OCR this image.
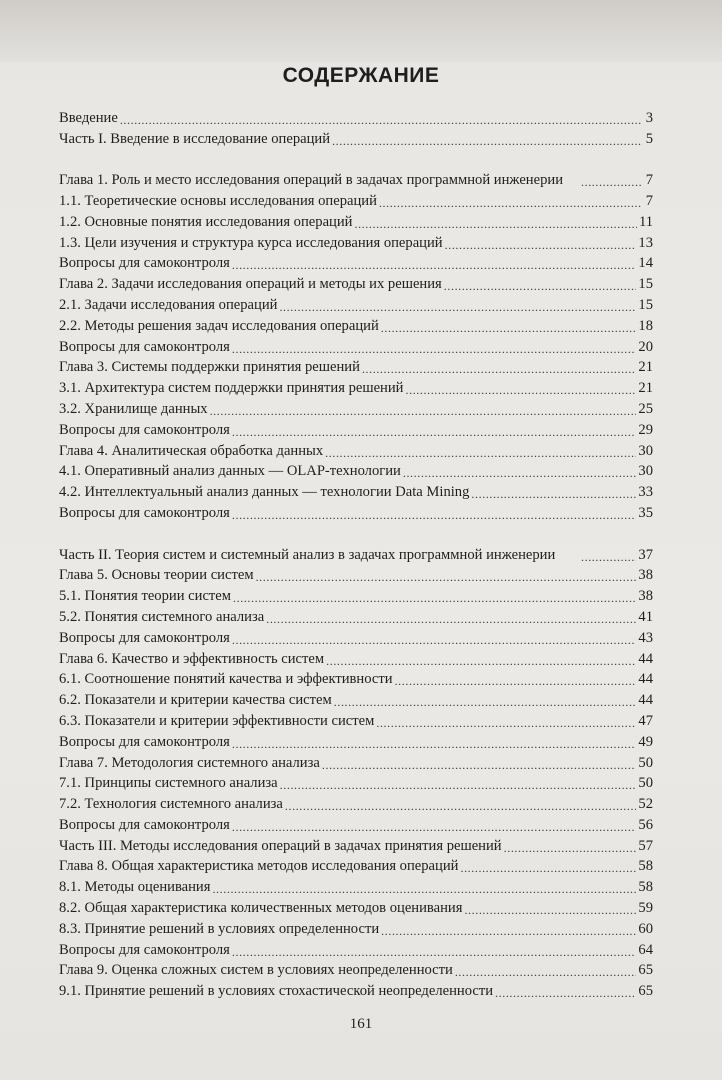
СОДЕРЖАНИЕ
Введение .....	3
Часть I. Введение в исследование операций .....	5
Глава 1. Роль и место исследования операций в задачах программной инженерии .....	7
1.1. Теоретические основы исследования операций .....	7
1.2. Основные понятия исследования операций .....	11
1.3. Цели изучения и структура курса исследования операций .....	13
Вопросы для самоконтроля .....	14
Глава 2. Задачи исследования операций и методы их решения .....	15
2.1. Задачи исследования операций .....	15
2.2. Методы решения задач исследования операций .....	18
Вопросы для самоконтроля .....	20
Глава 3. Системы поддержки принятия решений .....	21
3.1. Архитектура систем поддержки принятия решений .....	21
3.2. Хранилище данных .....	25
Вопросы для самоконтроля .....	29
Глава 4. Аналитическая обработка данных .....	30
4.1. Оперативный анализ данных — OLAP-технологии .....	30
4.2. Интеллектуальный анализ данных — технологии Data Mining .....	33
Вопросы для самоконтроля .....	35
Часть II. Теория систем и системный анализ в задачах программной инженерии .....	37
Глава 5. Основы теории систем .....	38
5.1. Понятия теории систем .....	38
5.2. Понятия системного анализа .....	41
Вопросы для самоконтроля .....	43
Глава 6. Качество и эффективность систем .....	44
6.1. Соотношение понятий качества и эффективности .....	44
6.2. Показатели и критерии качества систем .....	44
6.3. Показатели и критерии эффективности систем .....	47
Вопросы для самоконтроля .....	49
Глава 7. Методология системного анализа .....	50
7.1. Принципы системного анализа .....	50
7.2. Технология системного анализа .....	52
Вопросы для самоконтроля .....	56
Часть III. Методы исследования операций в задачах принятия решений .....	57
Глава 8. Общая характеристика методов исследования операций .....	58
8.1. Методы оценивания .....	58
8.2. Общая характеристика количественных методов оценивания .....	59
8.3. Принятие решений в условиях определенности .....	60
Вопросы для самоконтроля .....	64
Глава 9. Оценка сложных систем в условиях неопределенности .....	65
9.1. Принятие решений в условиях стохастической неопределенности .....	65
161
